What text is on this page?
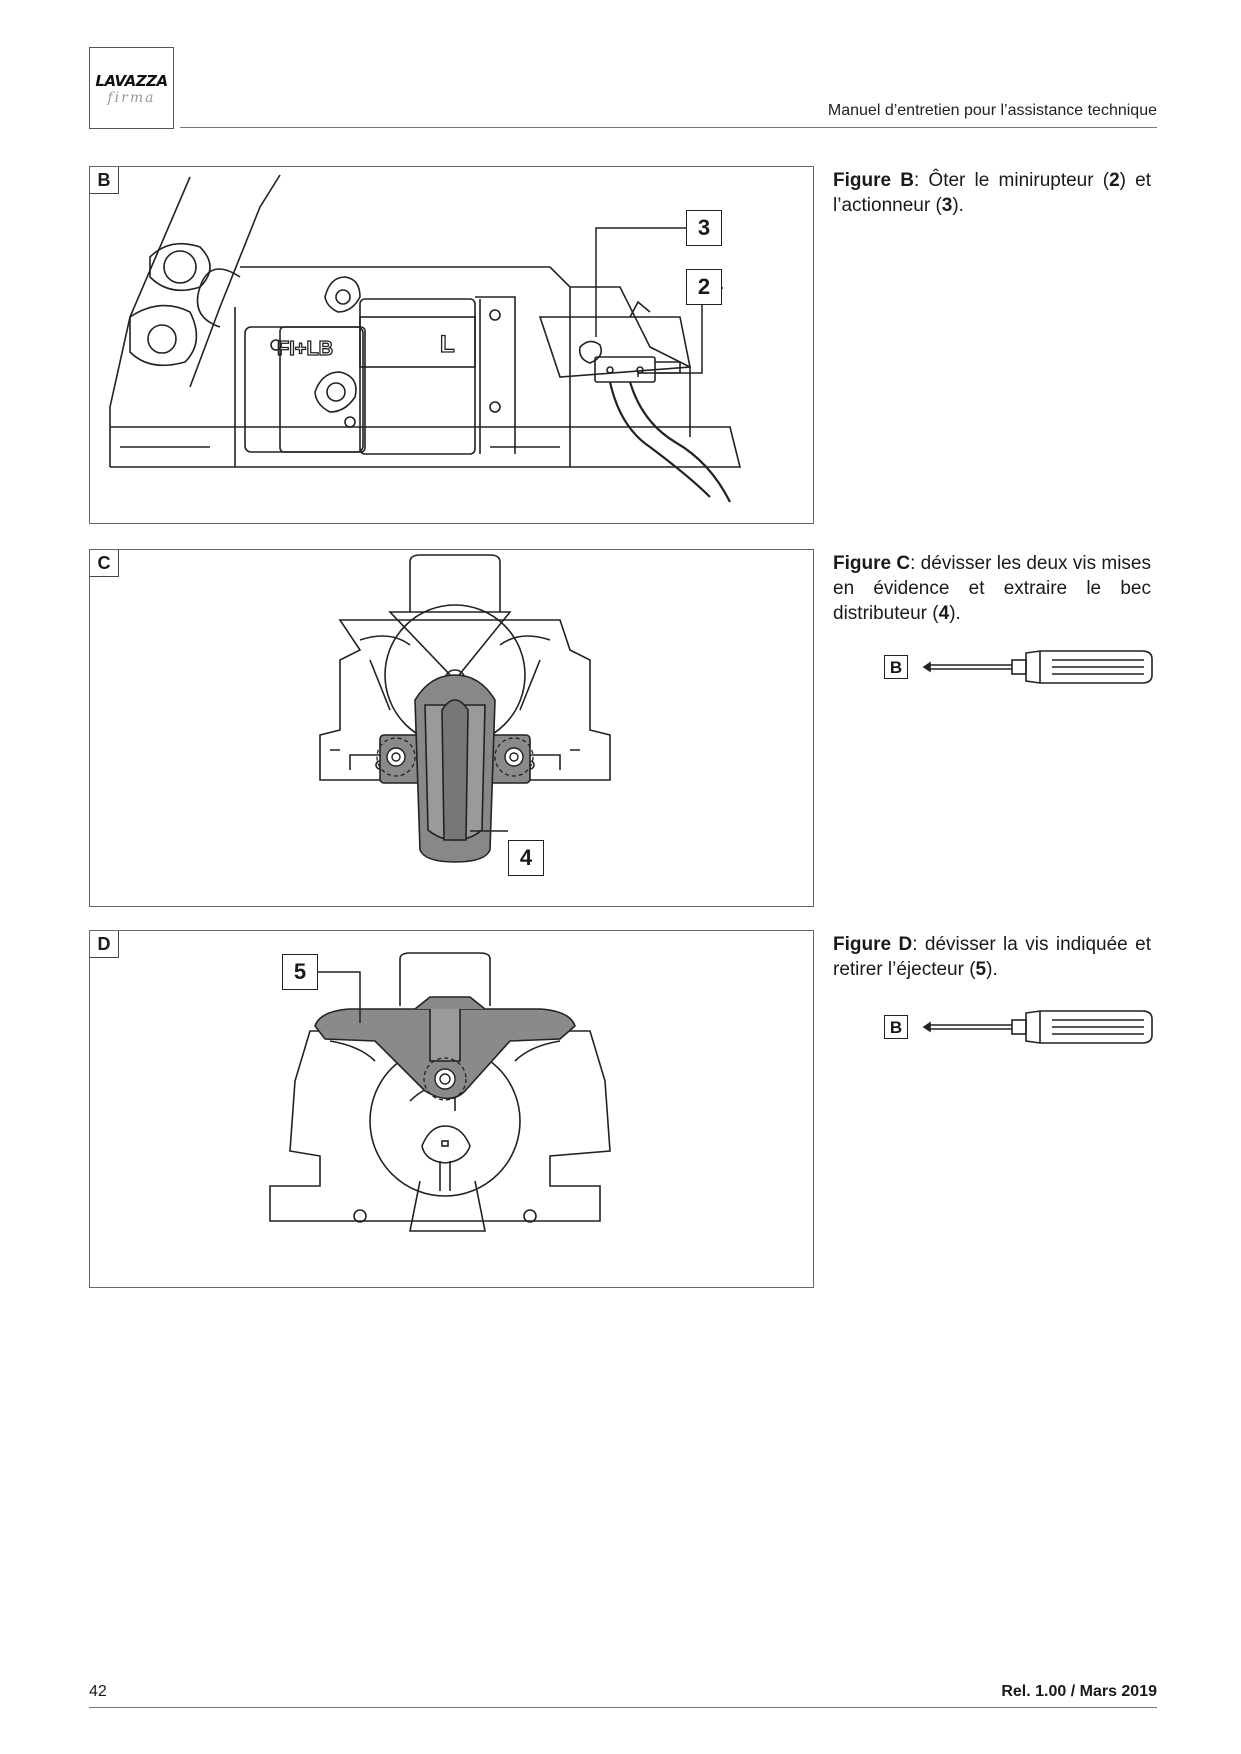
LAVAZZA
firma
Manuel d’entretien pour l’assistance technique
FI+LB	L
B
3
2
Figure B: Ôter le minirupteur (2) et l’actionneur (3).
C
4
Figure C: dévisser les deux vis mises en évidence et extraire le bec distributeur (4).
B
D
5
Figure D: dévisser la vis indiquée et retirer l’éjecteur (5).
B
42	Rel. 1.00 / Mars 2019
